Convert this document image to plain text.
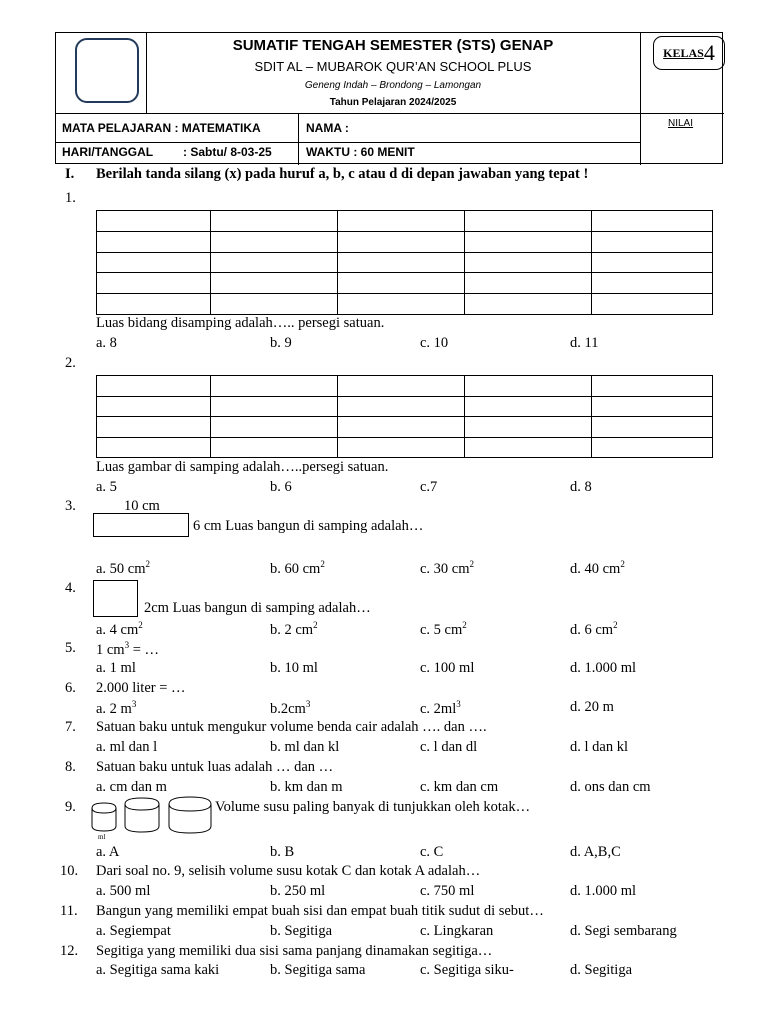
SUMATIF TENGAH SEMESTER (STS) GENAP
SDIT AL – MUBAROK QUR’AN SCHOOL PLUS
Geneng Indah – Brondong – Lamongan
Tahun Pelajaran 2024/2025
KELAS 4
NILAI
MATA PELAJARAN : MATEMATIKA	NAMA :
HARI/TANGGAL : Sabtu/ 8-03-25	WAKTU : 60 MENIT
I. Berilah tanda silang (x) pada huruf a, b, c atau d di depan jawaban yang tepat !
1.

Luas bidang disamping adalah….. persegi satuan.
a. 8	b. 9	c. 10	d. 11
2.

Luas gambar di samping adalah…..persegi satuan.
a. 5	b. 6	c.7	d. 8
3.	10 cm
6 cm Luas bangun di samping adalah…
a. 50 $cm^2$	b. 60 $cm^2$	c. 30 $cm^2$	d. 40 $cm^2$
4.
2cm Luas bangun di samping adalah…
a. 4 $cm^2$	b. 2 $cm^2$	c. 5 $cm^2$	d. 6 $cm^2$
5. 1 $cm^3$ = …
a. 1 ml	b. 10 ml	c. 100 ml	d. 1.000 ml
6. 2.000 liter = …
a. 2 $m^3$	$b.2cm^3$	c. $2ml^3$	d. 20 m
7. Satuan baku untuk mengukur volume benda cair adalah …. dan ….
a. ml dan l	b. ml dan kl	c. l dan dl	d. l dan kl
8. Satuan baku untuk luas adalah … dan …
a. cm dan m	b. km dan m	c. km dan cm	d. ons dan cm
9.
ml
Volume susu paling banyak di tunjukkan oleh kotak…
a. A	b. B	c. C	d. A,B,C
10. Dari soal no. 9, selisih volume susu kotak C dan kotak A adalah…
a. 500 ml	b. 250 ml	c. 750 ml	d. 1.000 ml
11. Bangun yang memiliki empat buah sisi dan empat buah titik sudut di sebut…
a. Segiempat	b. Segitiga	c. Lingkaran	d. Segi sembarang
12. Segitiga yang memiliki dua sisi sama panjang dinamakan segitiga…
a. Segitiga sama kaki	b. Segitiga sama	c. Segitiga siku-	d. Segitiga
